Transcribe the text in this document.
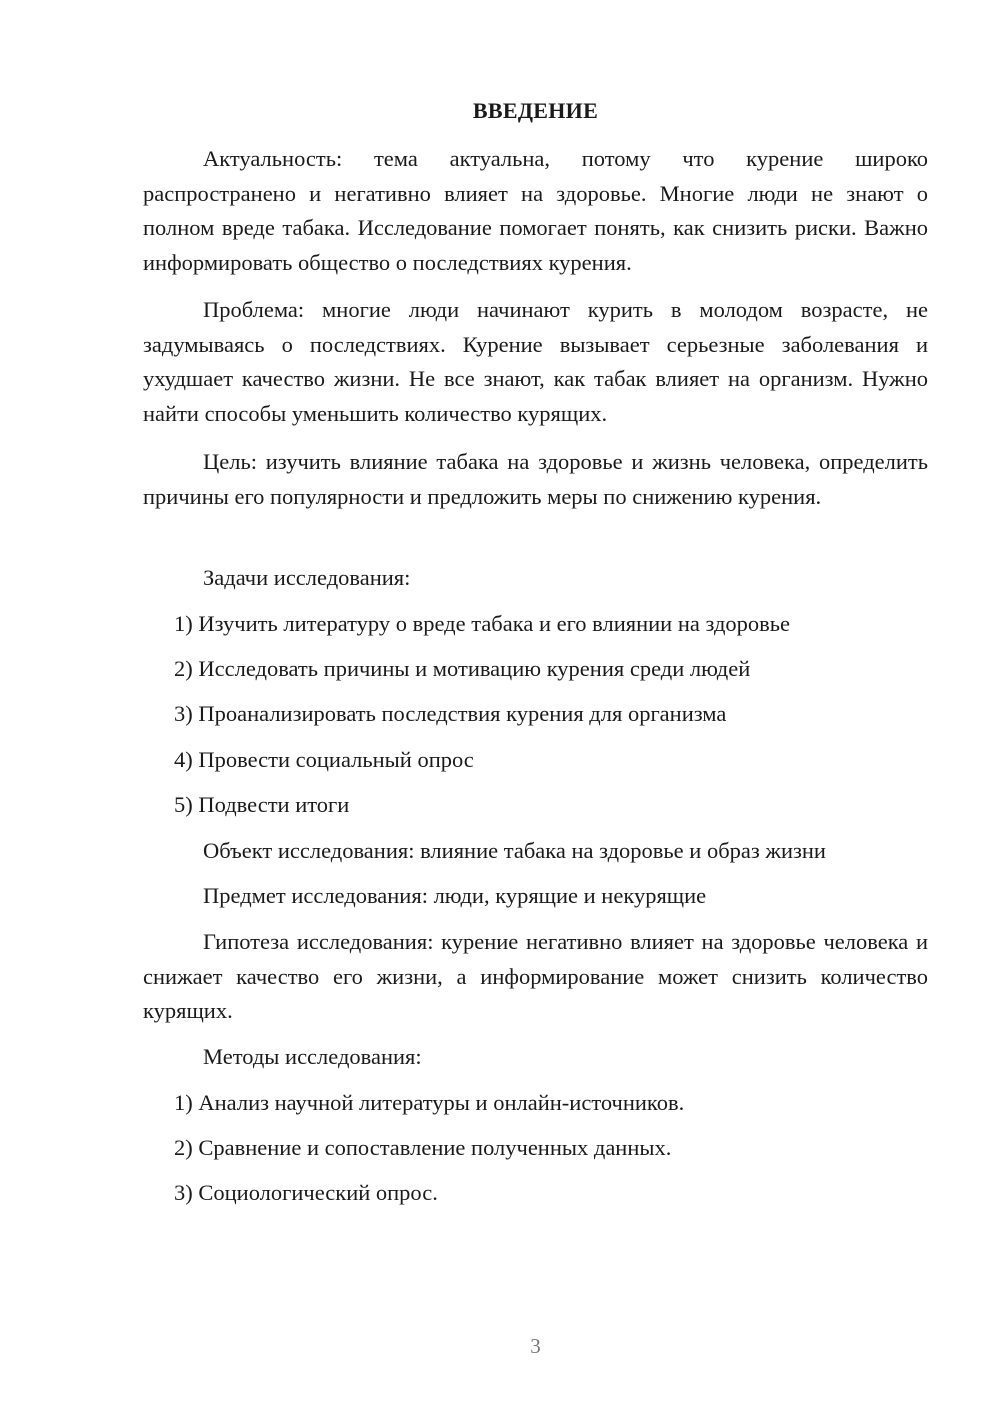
ВВЕДЕНИЕ

Актуальность: тема актуальна, потому что курение широко распространено и негативно влияет на здоровье. Многие люди не знают о полном вреде табака. Исследование помогает понять, как снизить риски. Важно информировать общество о последствиях курения.

Проблема: многие люди начинают курить в молодом возрасте, не задумываясь о последствиях. Курение вызывает серьезные заболевания и ухудшает качество жизни. Не все знают, как табак влияет на организм. Нужно найти способы уменьшить количество курящих.

Цель: изучить влияние табака на здоровье и жизнь человека, определить причины его популярности и предложить меры по снижению курения.

Задачи исследования:

1) Изучить литературу о вреде табака и его влиянии на здоровье

2) Исследовать причины и мотивацию курения среди людей

3) Проанализировать последствия курения для организма

4) Провести социальный опрос

5) Подвести итоги

Объект исследования: влияние табака на здоровье и образ жизни

Предмет исследования: люди, курящие и некурящие

Гипотеза исследования: курение негативно влияет на здоровье человека и снижает качество его жизни, а информирование может снизить количество курящих.

Методы исследования:

1) Анализ научной литературы и онлайн-источников.

2) Сравнение и сопоставление полученных данных.

3) Социологический опрос.

3
